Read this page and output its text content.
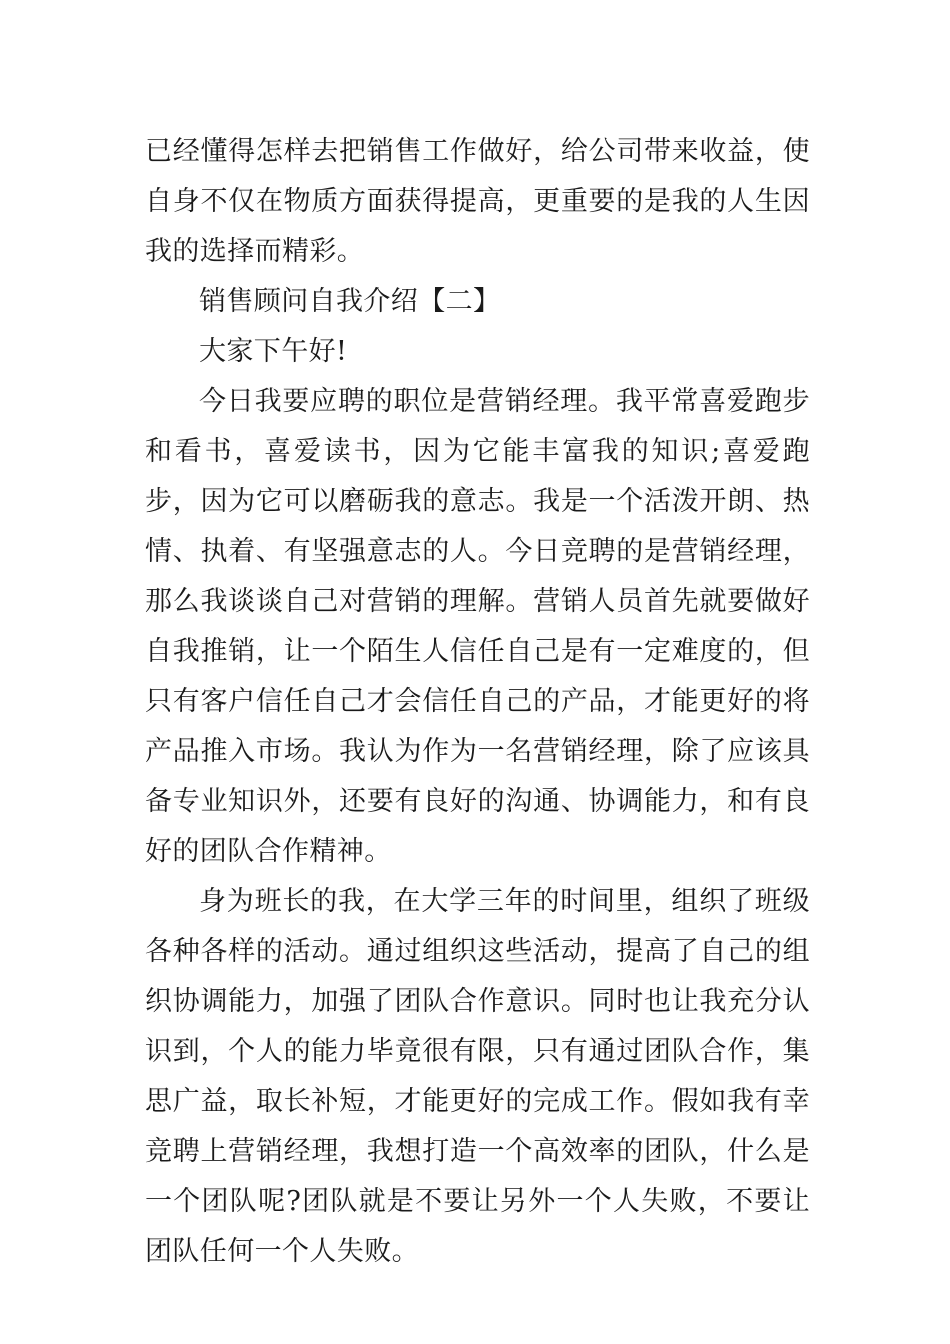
已经懂得怎样去把销售工作做好，给公司带来收益，使自身不仅在物质方面获得提高，更重要的是我的人生因我的选择而精彩。

销售顾问自我介绍【二】

大家下午好!

今日我要应聘的职位是营销经理。我平常喜爱跑步和看书，喜爱读书，因为它能丰富我的知识;喜爱跑步，因为它可以磨砺我的意志。我是一个活泼开朗、热情、执着、有坚强意志的人。今日竞聘的是营销经理，那么我谈谈自己对营销的理解。营销人员首先就要做好自我推销，让一个陌生人信任自己是有一定难度的，但只有客户信任自己才会信任自己的产品，才能更好的将产品推入市场。我认为作为一名营销经理，除了应该具备专业知识外，还要有良好的沟通、协调能力，和有良好的团队合作精神。

身为班长的我，在大学三年的时间里，组织了班级各种各样的活动。通过组织这些活动，提高了自己的组织协调能力，加强了团队合作意识。同时也让我充分认识到，个人的能力毕竟很有限，只有通过团队合作，集思广益，取长补短，才能更好的完成工作。假如我有幸竞聘上营销经理，我想打造一个高效率的团队，什么是一个团队呢?团队就是不要让另外一个人失败，不要让团队任何一个人失败。
